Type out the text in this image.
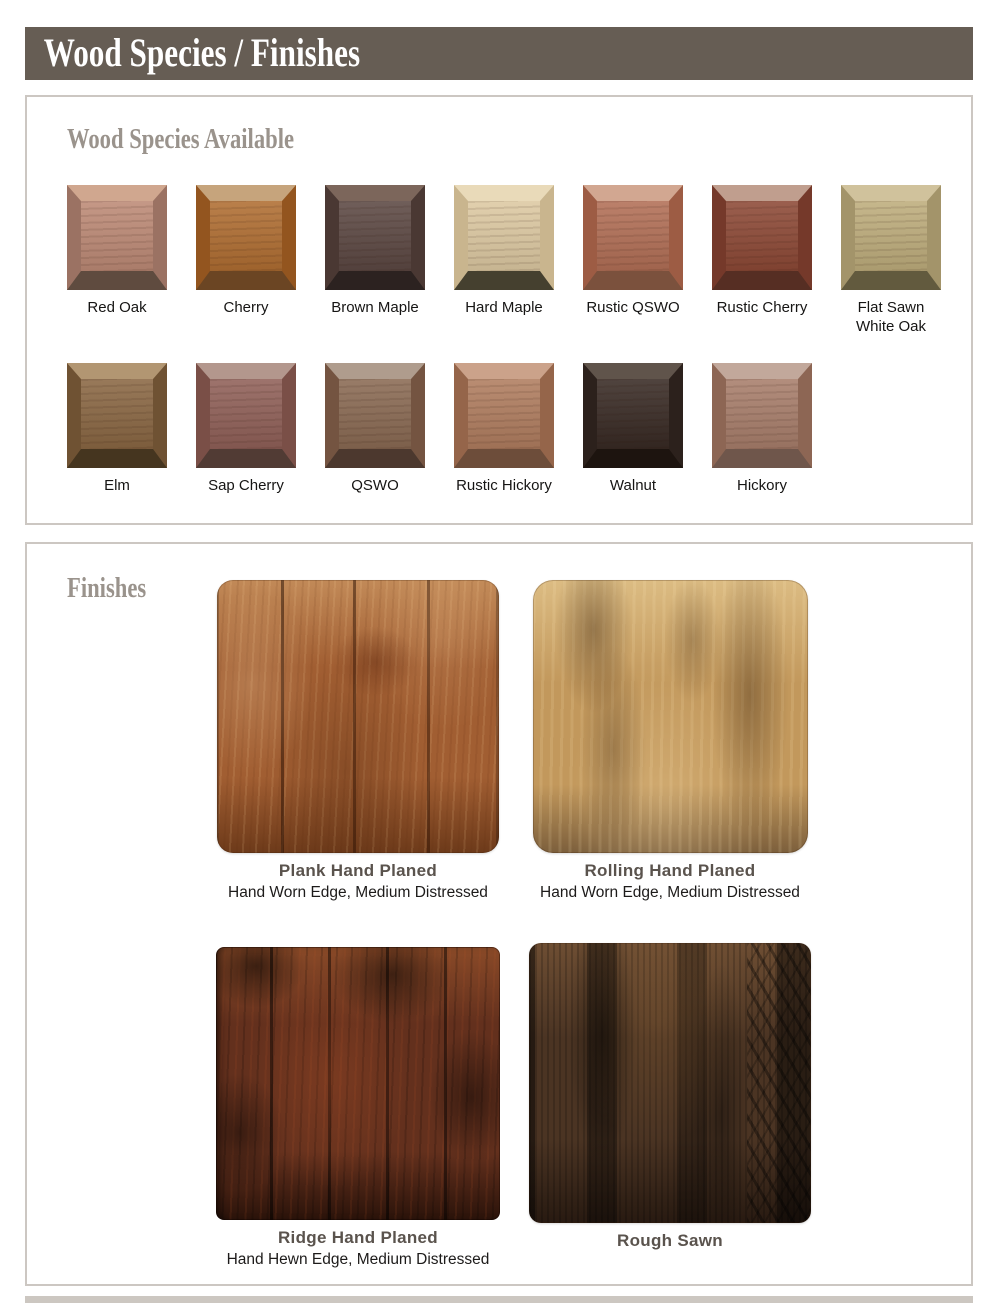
Wood Species / Finishes
Wood Species Available
Red Oak	Cherry	Brown Maple	Hard Maple	Rustic QSWO Rustic Cherry	Flat Sawn
White Oak
Elm	Sap Cherry	QSWO	Rustic Hickory	Walnut	Hickory
Finishes
Plank Hand Planed
Hand Worn Edge, Medium Distressed
Rolling Hand Planed
Hand Worn Edge, Medium Distressed
Ridge Hand Planed
Hand Hewn Edge, Medium Distressed
Rough Sawn
